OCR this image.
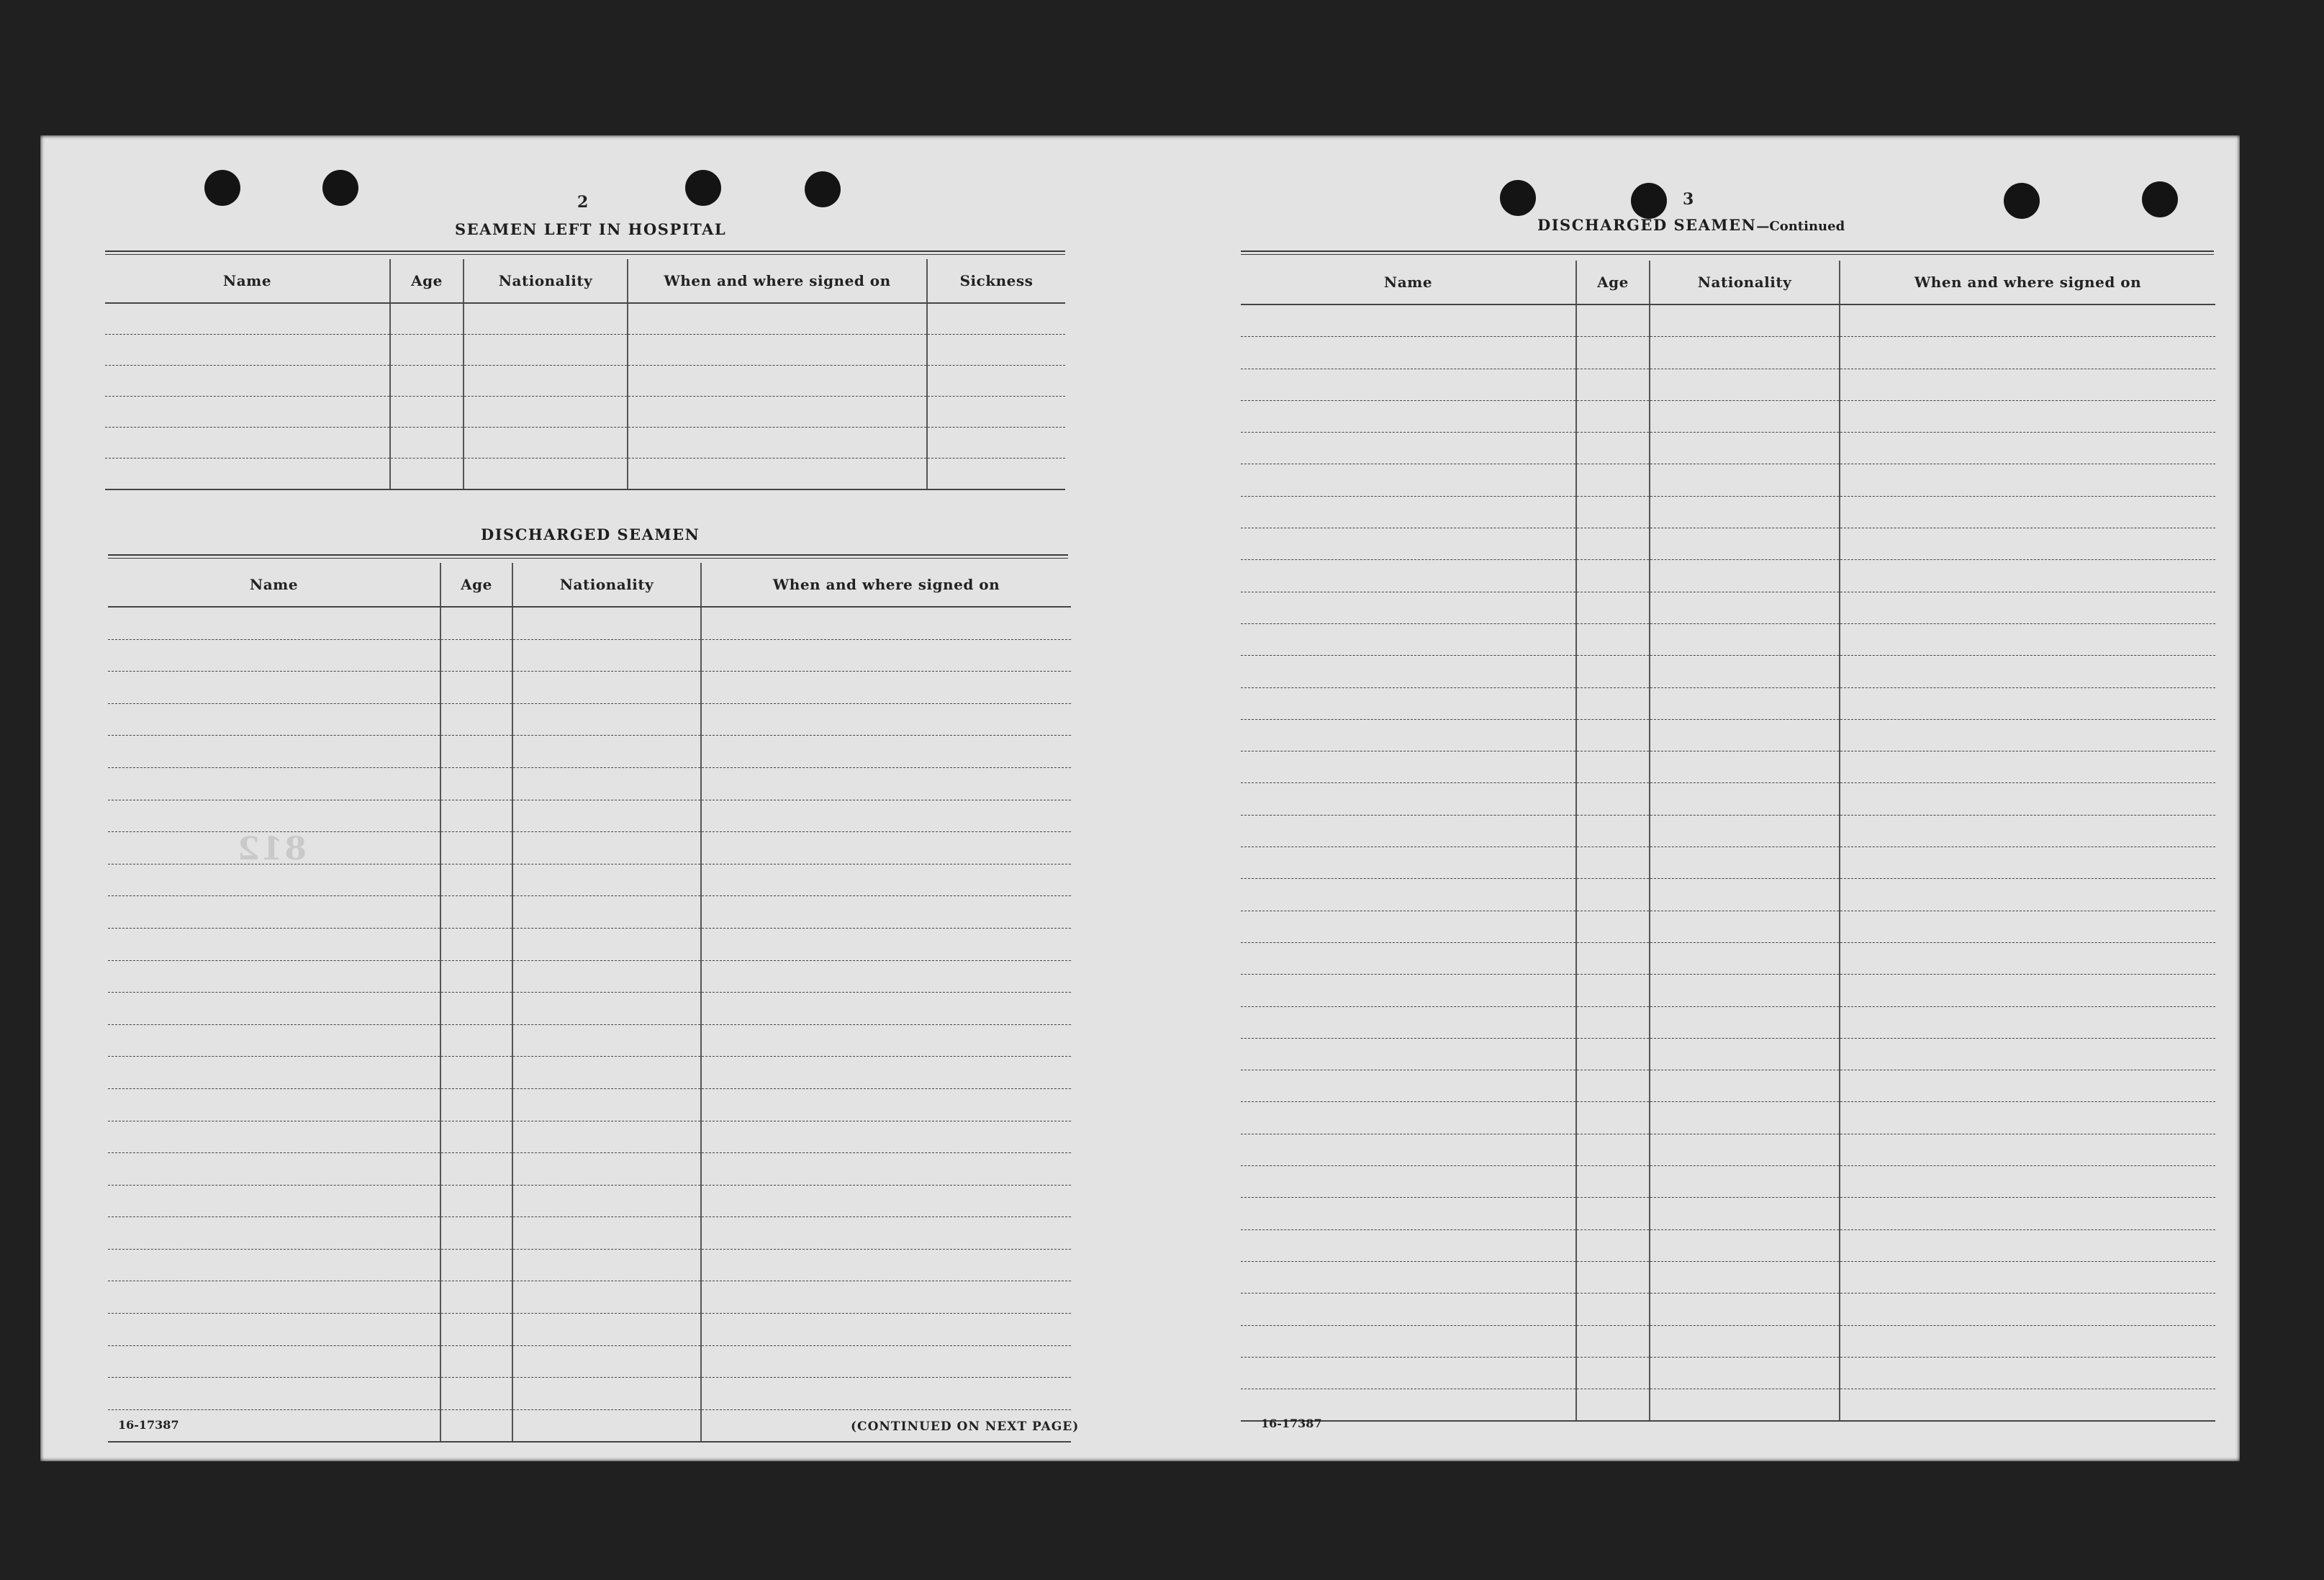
2
SEAMEN LEFT IN HOSPITAL
Name	Age	Nationality	When and where signed on	Sickness

DISCHARGED SEAMEN
Name	Age	Nationality	When and where signed on

812
16-17387	(CONTINUED ON NEXT PAGE)
3
DISCHARGED SEAMEN—Continued
Name	Age	Nationality	When and where signed on

16-17387
